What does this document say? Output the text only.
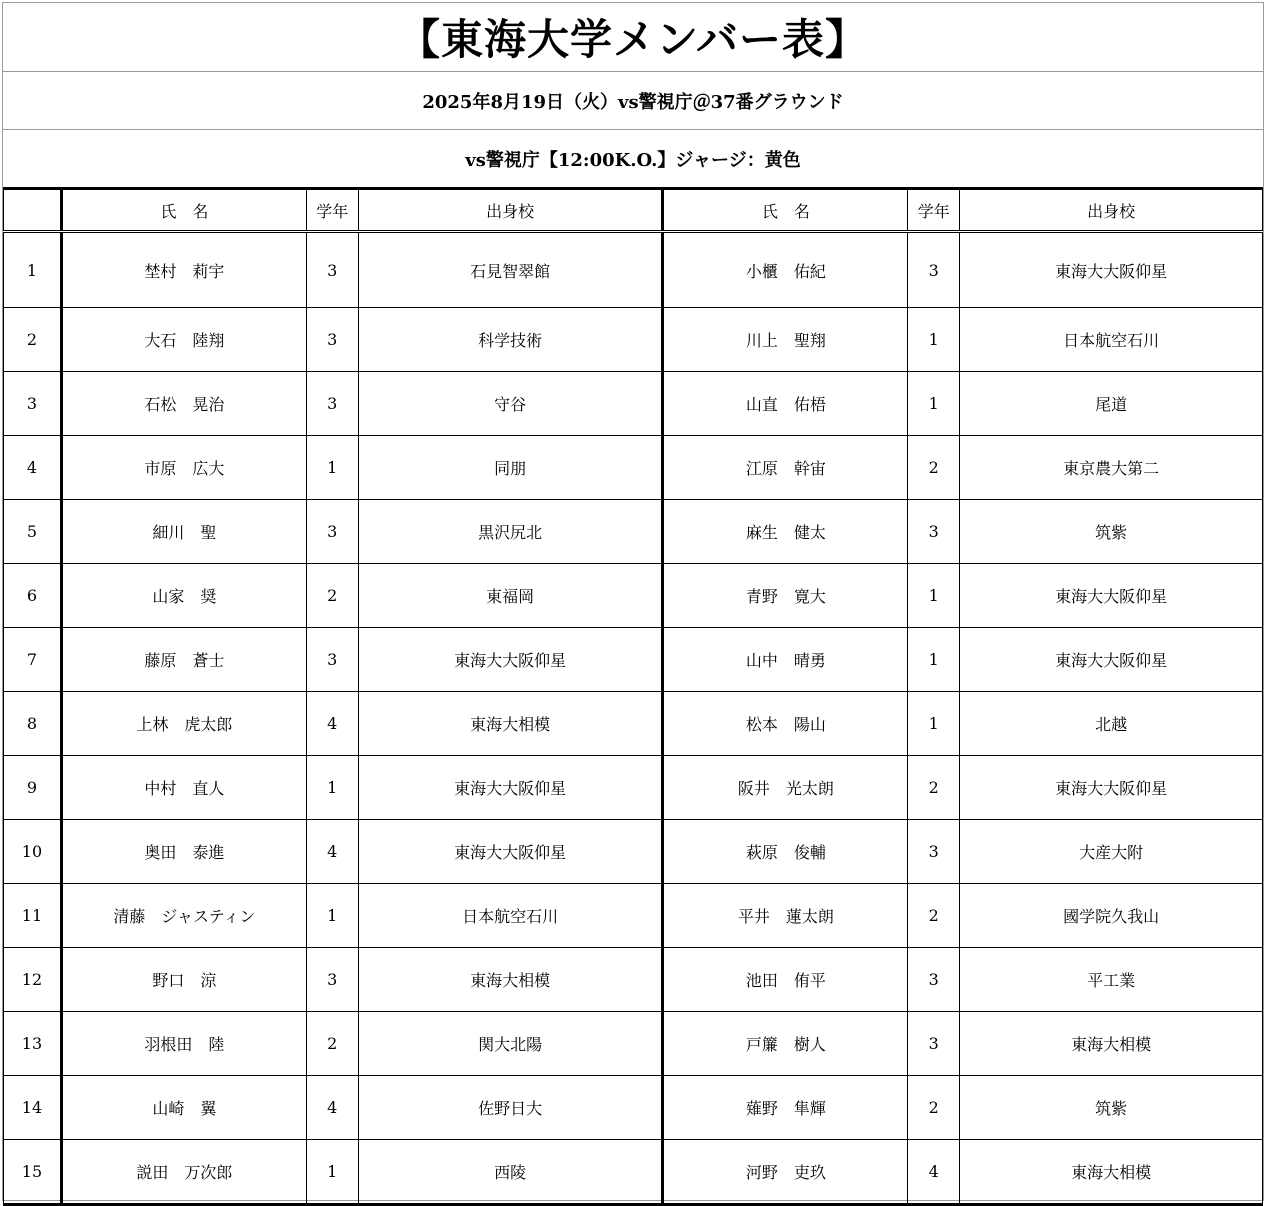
【東海大学メンバー表】
2025年8月19日（火）vs警視庁＠37番グラウンド
vs警視庁【12:00K.O.】ジャージ：黄色
	氏　名	学年	出身校	氏　名	学年	出身校
1	埜村　莉宇	3	石見智翠館	小櫃　佑紀	3	東海大大阪仰星
2	大石　陸翔	3	科学技術	川上　聖翔	1	日本航空石川
3	石松　晃治	3	守谷	山直　佑梧	1	尾道
4	市原　広大	1	同朋	江原　幹宙	2	東京農大第二
5	細川　聖	3	黒沢尻北	麻生　健太	3	筑紫
6	山家　奨	2	東福岡	青野　寛大	1	東海大大阪仰星
7	藤原　蒼士	3	東海大大阪仰星	山中　晴勇	1	東海大大阪仰星
8	上林　虎太郎	4	東海大相模	松本　陽山	1	北越
9	中村　直人	1	東海大大阪仰星	阪井　光太朗	2	東海大大阪仰星
10	奥田　泰進	4	東海大大阪仰星	萩原　俊輔	3	大産大附
11	清藤　ジャスティン	1	日本航空石川	平井　蓮太朗	2	國学院久我山
12	野口　涼	3	東海大相模	池田　侑平	3	平工業
13	羽根田　陸	2	関大北陽	戸簾　樹人	3	東海大相模
14	山崎　翼	4	佐野日大	薙野　隼輝	2	筑紫
15	説田　万次郎	1	西陵	河野　吏玖	4	東海大相模
